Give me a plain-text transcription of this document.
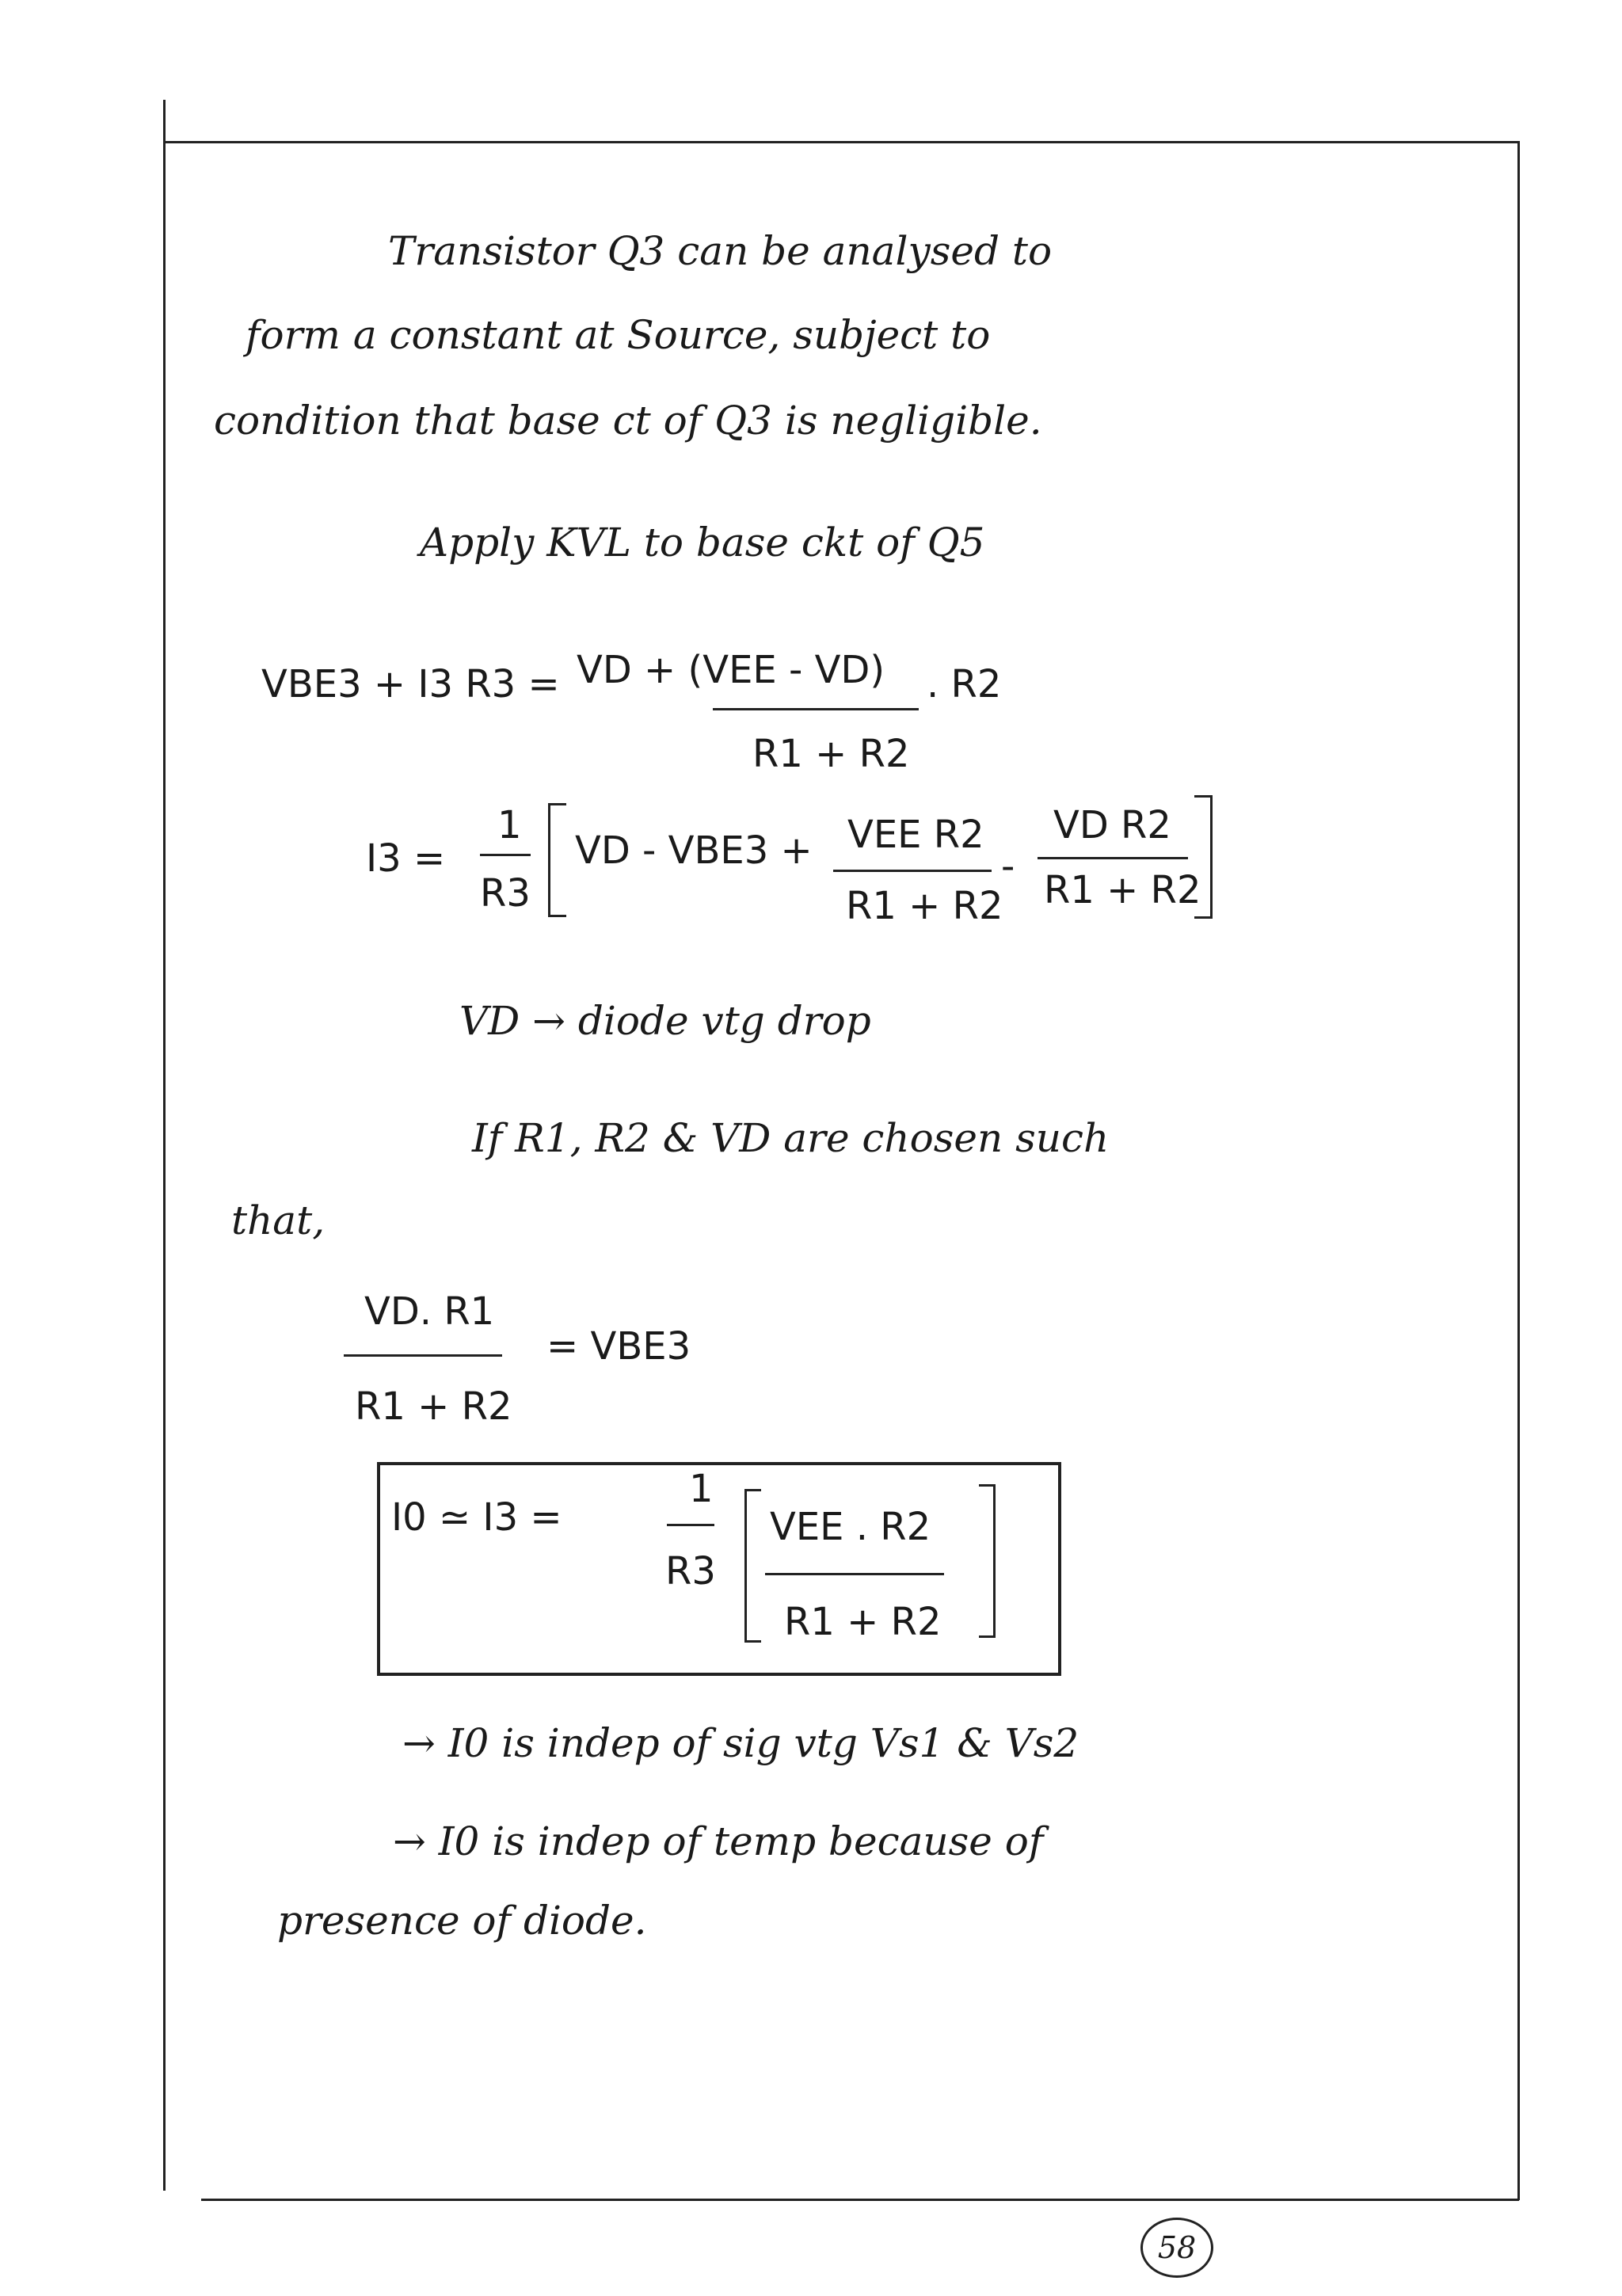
Transistor Q3 can be analysed to
form a constant at Source, subject to
condition that base ct of Q3 is negligible.
Apply KVL to base ckt of Q5
VBE3 + I3 R3 = VD + (VEE - VD)
R1 + R2
. R2
I3 =
1
R3
VD - VBE3 + VEE R2
R1 + R2
-
VD R2
R1 + R2
VD → diode vtg drop
If R1, R2 & VD are chosen such
that,
VD. R1
R1 + R2
= VBE3
I0 ≃ I3 =
1
R3
VEE . R2
R1 + R2
→ I0 is indep of sig vtg Vs1 & Vs2
→ I0 is indep of temp because of
presence of diode.
58
